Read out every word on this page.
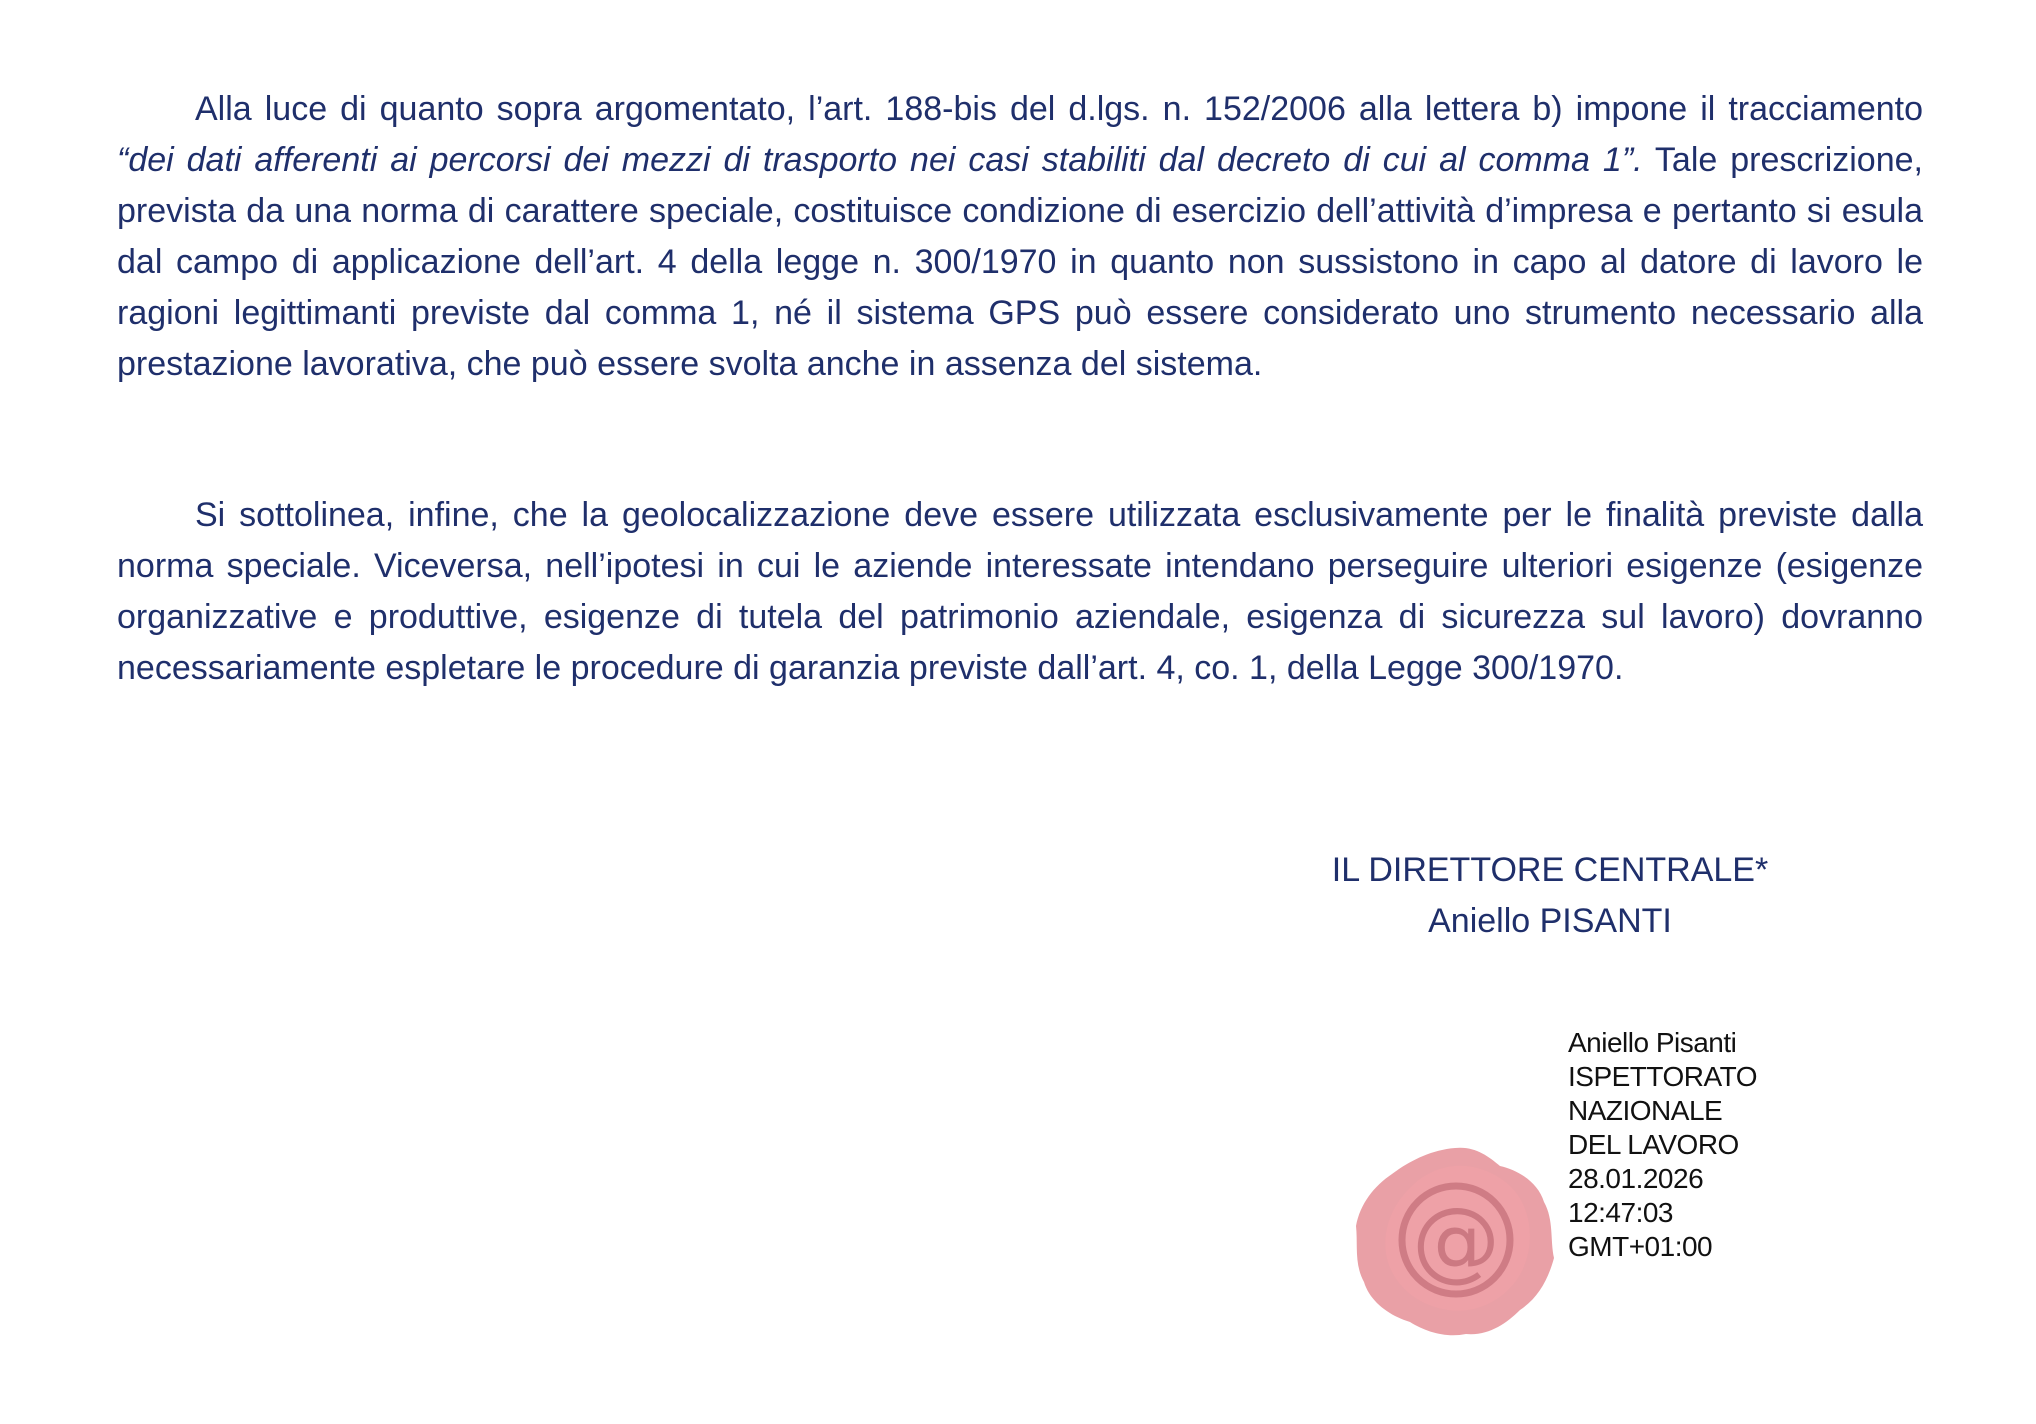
Alla luce di quanto sopra argomentato, l’art. 188-bis del d.lgs. n. 152/2006 alla lettera b) impone il tracciamento “dei dati afferenti ai percorsi dei mezzi di trasporto nei casi stabiliti dal decreto di cui al comma 1”. Tale prescrizione, prevista da una norma di carattere speciale, costituisce condizione di esercizio dell’attività d’impresa e pertanto si esula dal campo di applicazione dell’art. 4 della legge n. 300/1970 in quanto non sussistono in capo al datore di lavoro le ragioni legittimanti previste dal comma 1, né il sistema GPS può essere considerato uno strumento necessario alla prestazione lavorativa, che può essere svolta anche in assenza del sistema.

Si sottolinea, infine, che la geolocalizzazione deve essere utilizzata esclusivamente per le finalità previste dalla norma speciale. Viceversa, nell’ipotesi in cui le aziende interessate intendano perseguire ulteriori esigenze (esigenze organizzative e produttive, esigenze di tutela del patrimonio aziendale, esigenza di sicurezza sul lavoro) dovranno necessariamente espletare le procedure di garanzia previste dall’art. 4, co. 1, della Legge 300/1970.

IL DIRETTORE CENTRALE*
Aniello PISANTI
@
Aniello Pisanti
ISPETTORATO
NAZIONALE
DEL LAVORO
28.01.2026
12:47:03
GMT+01:00
